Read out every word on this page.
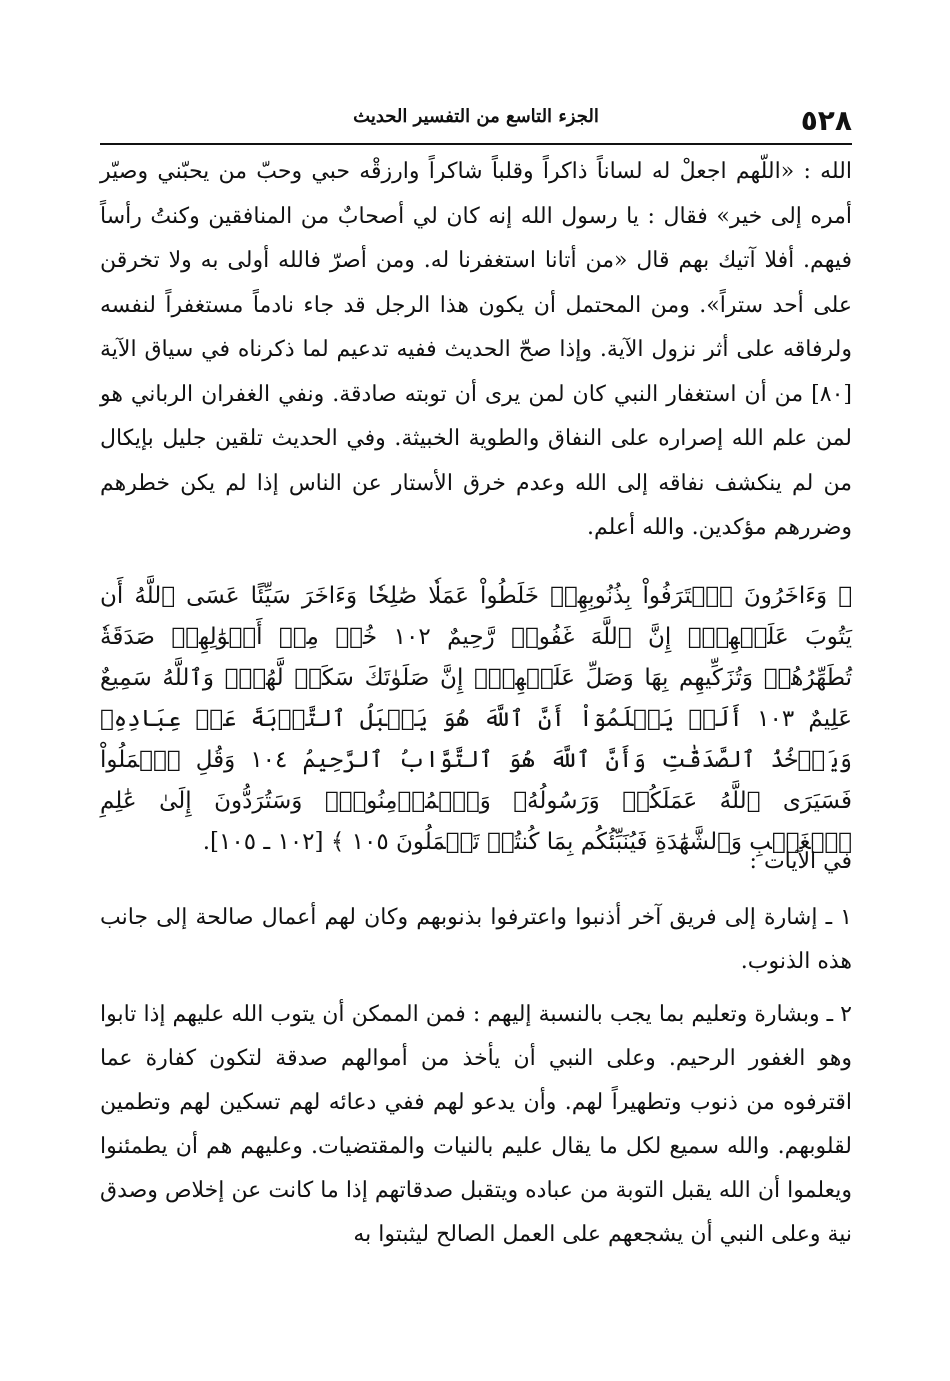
٥٢٨
الجزء التاسع من التفسير الحديث

الله : «اللّهم اجعلْ له لساناً ذاكراً وقلباً شاكراً وارزقْه حبي وحبّ من يحبّني وصيّر أمره إلى خير» فقال : يا رسول الله إنه كان لي أصحابٌ من المنافقين وكنتُ رأساً فيهم. أفلا آتيك بهم قال «من أتانا استغفرنا له. ومن أصرّ فالله أولى به ولا تخرقن على أحد ستراً». ومن المحتمل أن يكون هذا الرجل قد جاء نادماً مستغفراً لنفسه ولرفاقه على أثر نزول الآية. وإذا صحّ الحديث ففيه تدعيم لما ذكرناه في سياق الآية [٨٠] من أن استغفار النبي كان لمن يرى أن توبته صادقة. ونفي الغفران الرباني هو لمن علم الله إصراره على النفاق والطوية الخبيثة. وفي الحديث تلقين جليل بإيكال من لم ينكشف نفاقه إلى الله وعدم خرق الأستار عن الناس إذا لم يكن خطرهم وضررهم مؤكدين. والله أعلم.

﴿ وَءَاخَرُونَ ٱعۡتَرَفُواْ بِذُنُوبِهِمۡ خَلَطُواْ عَمَلٗا صَٰلِحٗا وَءَاخَرَ سَيِّئًا عَسَى ٱللَّهُ أَن يَتُوبَ عَلَيۡهِمۡۚ إِنَّ ٱللَّهَ غَفُورٞ رَّحِيمٌ ١٠٢ خُذۡ مِنۡ أَمۡوَٰلِهِمۡ صَدَقَةٗ تُطَهِّرُهُمۡ وَتُزَكِّيهِم بِهَا وَصَلِّ عَلَيۡهِمۡۖ إِنَّ صَلَوٰتَكَ سَكَنٞ لَّهُمۡۗ وَٱللَّهُ سَمِيعٌ عَلِيمٌ ١٠٣ أَلَمۡ يَعۡلَمُوٓاْ أَنَّ ٱللَّهَ هُوَ يَقۡبَلُ ٱلتَّوۡبَةَ عَنۡ عِبَادِهِۦ وَيَأۡخُذُ ٱلصَّدَقَٰتِ وَأَنَّ ٱللَّهَ هُوَ ٱلتَّوَّابُ ٱلرَّحِيمُ ١٠٤ وَقُلِ ٱعۡمَلُواْ فَسَيَرَى ٱللَّهُ عَمَلَكُمۡ وَرَسُولُهُۥ وَٱلۡمُؤۡمِنُونَۖ وَسَتُرَدُّونَ إِلَىٰ عَٰلِمِ ٱلۡغَيۡبِ وَٱلشَّهَٰدَةِ فَيُنَبِّئُكُم بِمَا كُنتُمۡ تَعۡمَلُونَ ١٠٥ ﴾ [١٠٢ ـ ١٠٥].

في الآيات :

١ ـ إشارة إلى فريق آخر أذنبوا واعترفوا بذنوبهم وكان لهم أعمال صالحة إلى جانب هذه الذنوب.

٢ ـ وبشارة وتعليم بما يجب بالنسبة إليهم : فمن الممكن أن يتوب الله عليهم إذا تابوا وهو الغفور الرحيم. وعلى النبي أن يأخذ من أموالهم صدقة لتكون كفارة عما اقترفوه من ذنوب وتطهيراً لهم. وأن يدعو لهم ففي دعائه لهم تسكين لهم وتطمين لقلوبهم. والله سميع لكل ما يقال عليم بالنيات والمقتضيات. وعليهم هم أن يطمئنوا ويعلموا أن الله يقبل التوبة من عباده ويتقبل صدقاتهم إذا ما كانت عن إخلاص وصدق نية وعلى النبي أن يشجعهم على العمل الصالح ليثبتوا به
